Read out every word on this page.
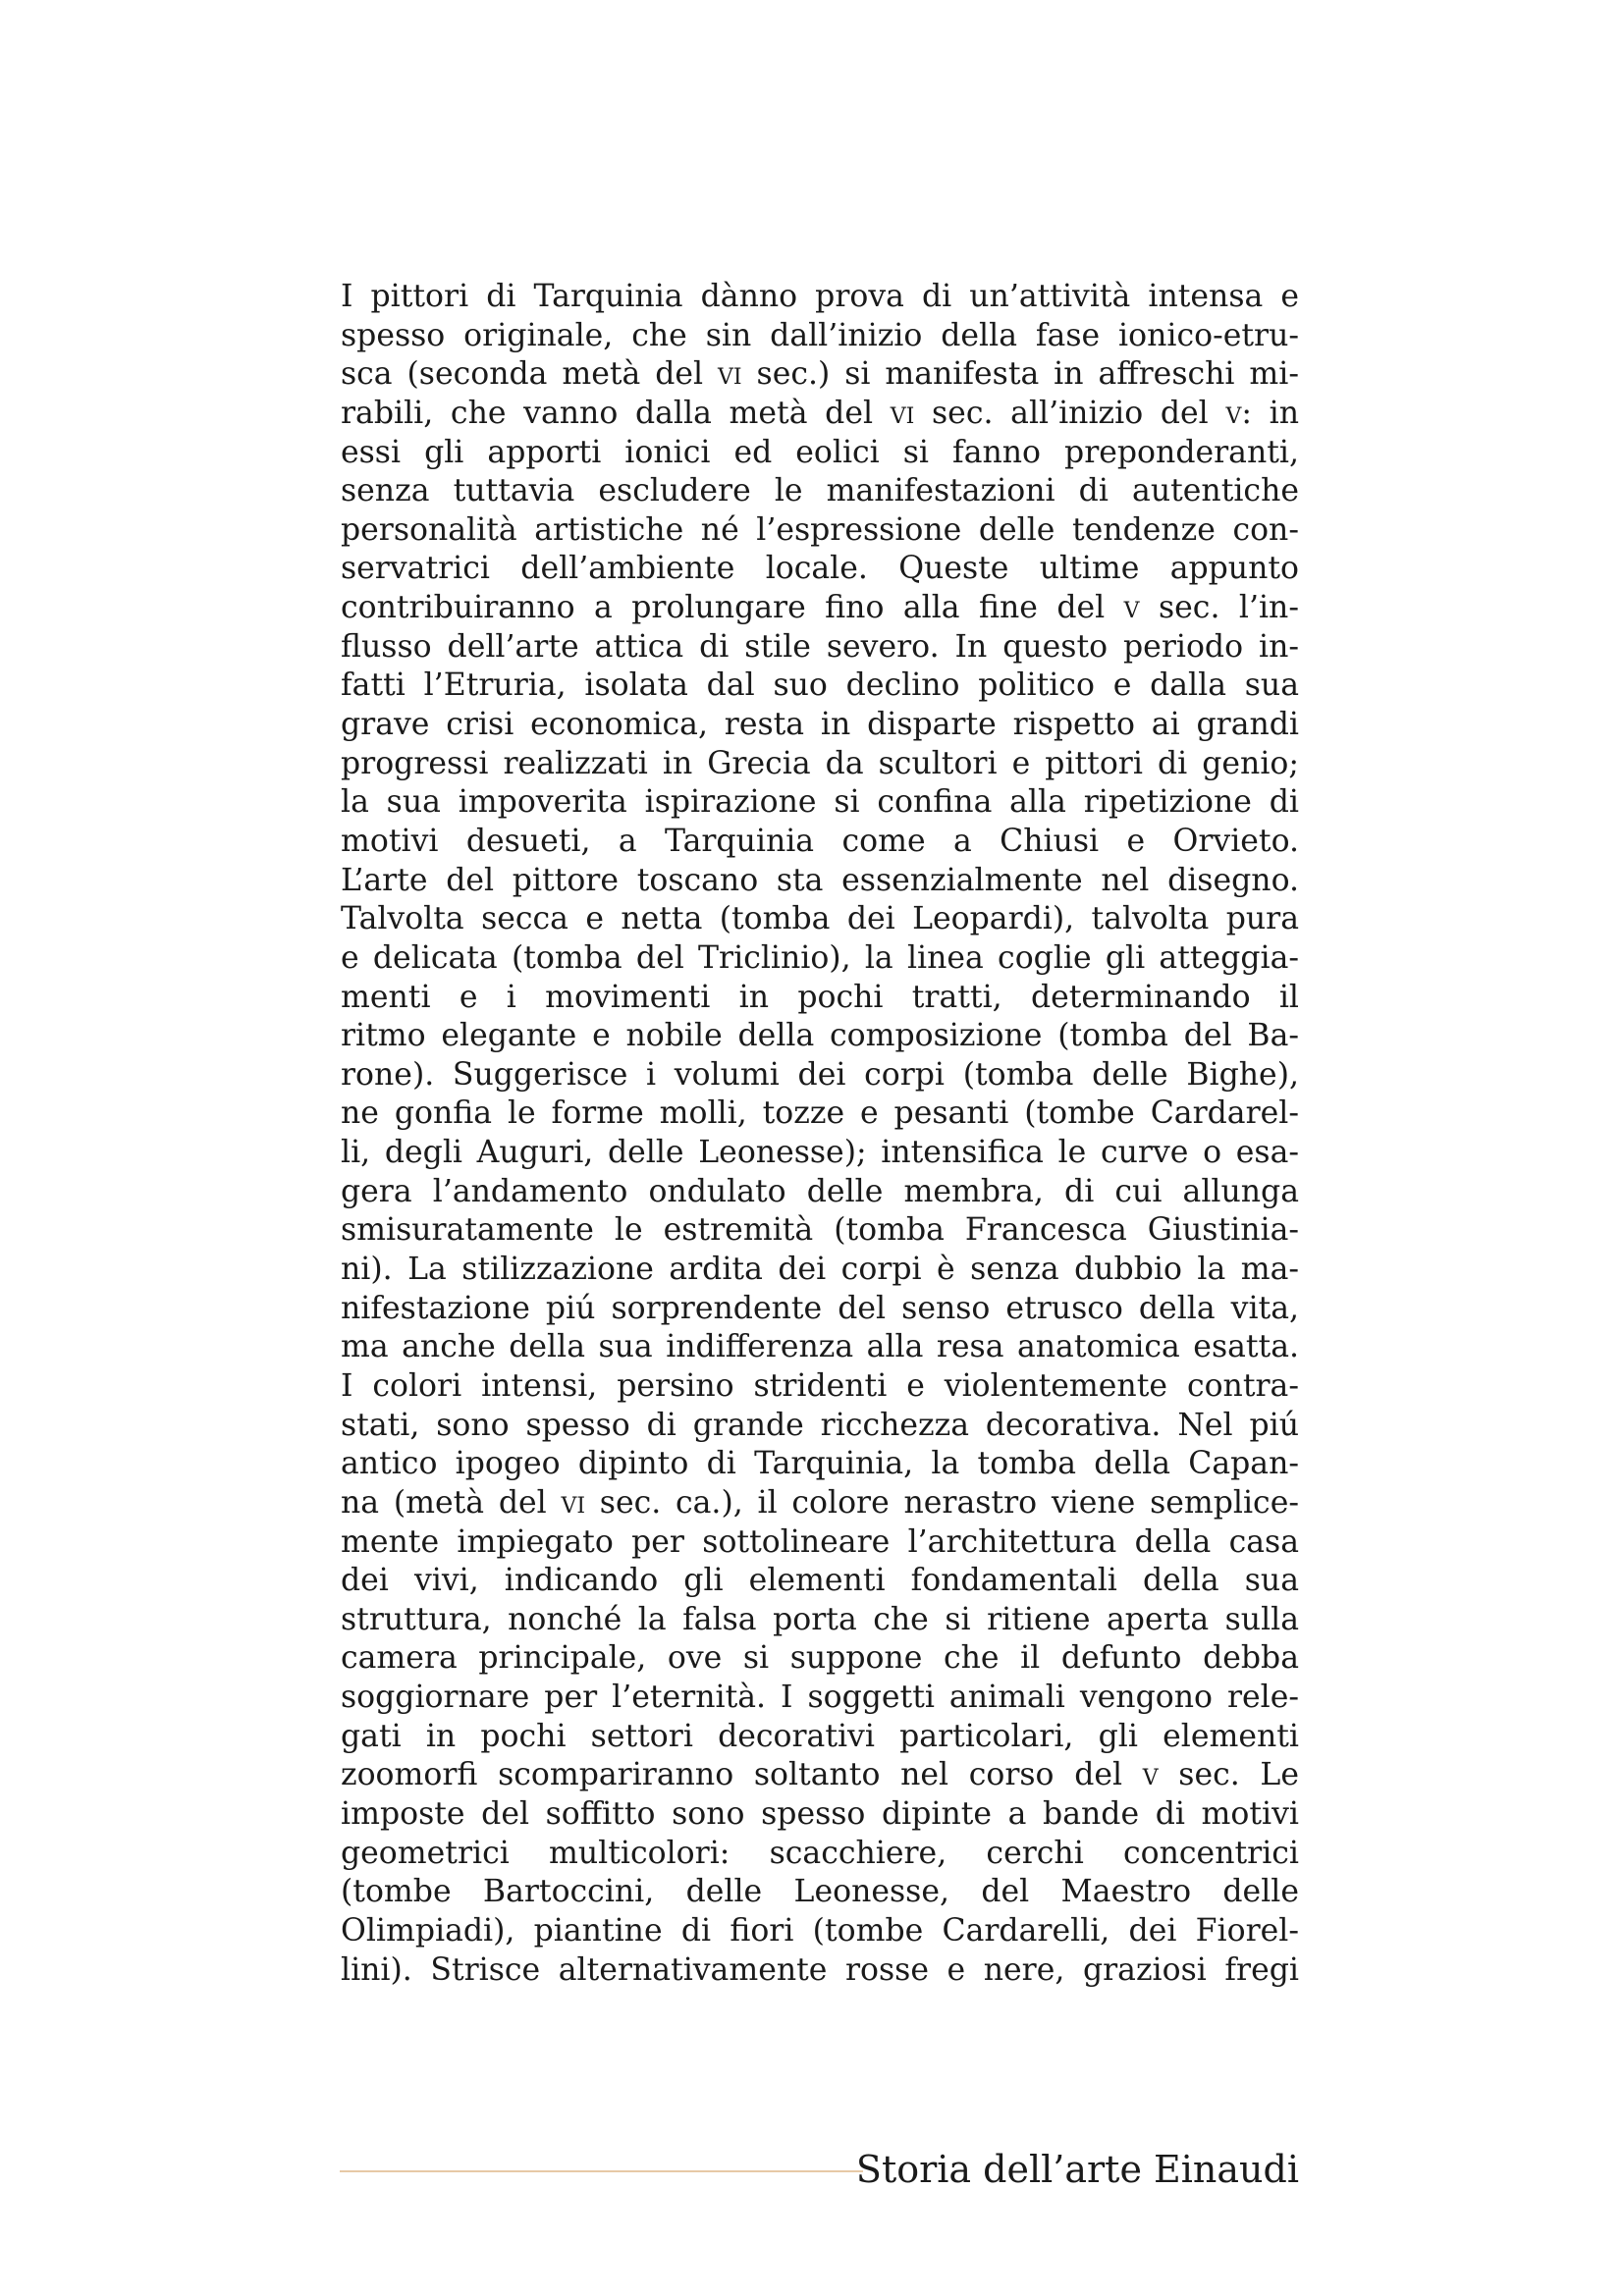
I pittori di Tarquinia dànno prova di un’attività intensa e
spesso originale, che sin dall’inizio della fase ionico-etru-
sca (seconda metà del vi sec.) si manifesta in affreschi mi-
rabili, che vanno dalla metà del vi sec. all’inizio del v: in
essi gli apporti ionici ed eolici si fanno preponderanti,
senza tuttavia escludere le manifestazioni di autentiche
personalità artistiche né l’espressione delle tendenze con-
servatrici dell’ambiente locale. Queste ultime appunto
contribuiranno a prolungare fino alla fine del v sec. l’in-
flusso dell’arte attica di stile severo. In questo periodo in-
fatti l’Etruria, isolata dal suo declino politico e dalla sua
grave crisi economica, resta in disparte rispetto ai grandi
progressi realizzati in Grecia da scultori e pittori di genio;
la sua impoverita ispirazione si confina alla ripetizione di
motivi desueti, a Tarquinia come a Chiusi e Orvieto.
L’arte del pittore toscano sta essenzialmente nel disegno.
Talvolta secca e netta (tomba dei Leopardi), talvolta pura
e delicata (tomba del Triclinio), la linea coglie gli atteggia-
menti e i movimenti in pochi tratti, determinando il
ritmo elegante e nobile della composizione (tomba del Ba-
rone). Suggerisce i volumi dei corpi (tomba delle Bighe),
ne gonfia le forme molli, tozze e pesanti (tombe Cardarel-
li, degli Auguri, delle Leonesse); intensifica le curve o esa-
gera l’andamento ondulato delle membra, di cui allunga
smisuratamente le estremità (tomba Francesca Giustinia-
ni). La stilizzazione ardita dei corpi è senza dubbio la ma-
nifestazione piú sorprendente del senso etrusco della vita,
ma anche della sua indifferenza alla resa anatomica esatta.
I colori intensi, persino stridenti e violentemente contra-
stati, sono spesso di grande ricchezza decorativa. Nel piú
antico ipogeo dipinto di Tarquinia, la tomba della Capan-
na (metà del vi sec. ca.), il colore nerastro viene semplice-
mente impiegato per sottolineare l’architettura della casa
dei vivi, indicando gli elementi fondamentali della sua
struttura, nonché la falsa porta che si ritiene aperta sulla
camera principale, ove si suppone che il defunto debba
soggiornare per l’eternità. I soggetti animali vengono rele-
gati in pochi settori decorativi particolari, gli elementi
zoomorfi scompariranno soltanto nel corso del v sec. Le
imposte del soffitto sono spesso dipinte a bande di motivi
geometrici multicolori: scacchiere, cerchi concentrici
(tombe Bartoccini, delle Leonesse, del Maestro delle
Olimpiadi), piantine di fiori (tombe Cardarelli, dei Fiorel-
lini). Strisce alternativamente rosse e nere, graziosi fregi
Storia dell’arte Einaudi
